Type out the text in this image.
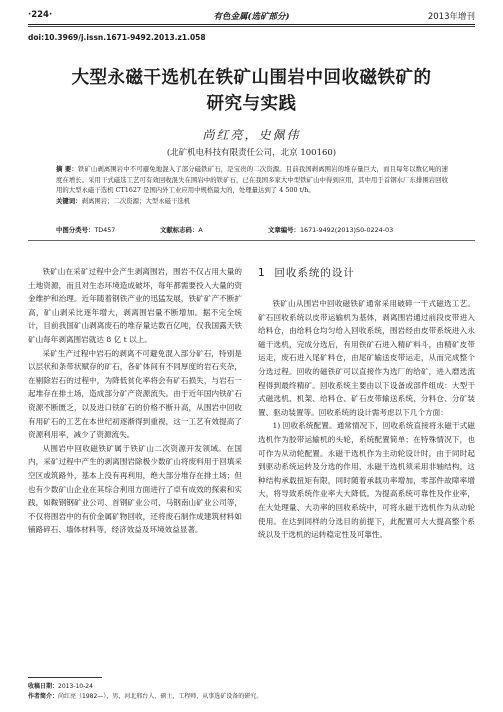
·224·	有色金属(选矿部分)	2013年增刊
doi:10.3969/j.issn.1671-9492.2013.z1.058
大型永磁干选机在铁矿山围岩中回收磁铁矿的
研究与实践
尚红亮，史佩伟
(北矿机电科技有限责任公司，北京 100160)
摘 要：铁矿山剥离围岩中不可避免地混入了部分磁铁矿石，是宝贵的二次资源。目前我国剥离围岩的堆存量巨大，而且每年以数亿吨的速度在增长。采用干式磁选工艺可有效回收混失在围岩中的铁矿石，已在我国多家大中型铁矿山中得到应用，其中用于首钢水厂东排围岩回收用的大型永磁干选机 CT1627 是国内外工业应用中规格最大的，处理量达到了 4 500 t/h。
关键词：剥离围岩；二次资源；大型永磁干选机
中图分类号：TD457	文献标志码：A	文章编号：1671-9492(2013)S0-0224-03

铁矿山在采矿过程中会产生剥离围岩，围岩不仅占用大量的土地资源，而且对生态环境造成破坏，每年都需要投入大量的资金维护和治理。近年随着钢铁产业的迅猛发展，铁矿矿产不断扩高，矿山剥采比逐年增大，剥离围岩量不断增加。据不完全统计，目前我国矿山剥离废石的堆存量达数百亿吨，仅我国露天铁矿山每年剥离围岩就达 8 亿 t 以上。

采矿生产过程中岩石的剥离不可避免混入部分矿石，特别是以层状和条带状赋存的矿石，各矿体间有不同厚度的岩石夹杂，在剔除岩石的过程中，为降低贫化率将会有矿石损失，与岩石一起堆存在排土场，造成部分矿产资源流失。由于近年国内铁矿石资源不断匮乏，以及进口铁矿石的价格不断升高，从围岩中回收有用矿石的工艺在本世纪初逐渐得到重视，这一工艺有效提高了资源利用率，减少了资源流失。

从围岩中回收磁铁矿属于铁矿山二次资源开发领域。在国内，采矿过程中产生的剥离围岩除极少数矿山将废料用于回填采空区或筑路外，基本上没有再利用，绝大部分堆存在排土场；但也有少数矿山企业在其综合利用方面进行了卓有成效的探索和实践，如鞍钢钢矿业公司、首钢矿业公司、马钢南山矿业公司等，不仅将围岩中的有价金属矿物回收，还将废石制作成建筑材料如铺路碎石、墙体材料等，经济效益及环境效益显著。

1 回收系统的设计

铁矿山从围岩中回收磁铁矿通常采用破碎一干式磁选工艺。矿石回收系统以皮带运输机为基体，剥离围岩通过前段皮带进入给料仓，由给料仓均匀给入回收系统，围岩经由皮带系统进入永磁干选机，完成分选后，有用铁矿石进入精矿料斗，由精矿皮带运走，废石进入尾矿料仓，由尾矿输送皮带运走，从而完成整个分选过程。回收的磁铁矿可以直接作为选厂的给矿，进入磨选流程得到最终精矿。回收系统主要由以下设备或部件组成：大型干式磁选机、机架、给料仓、矿石皮带输送系统、分料仓、分矿装置、驱动装置等。回收系统的设计需考虑以下几个方面：

1) 回收系统配置。通常情况下，回收系统直接将永磁干式磁选机作为胶带运输机的头轮，系统配置简单；在特殊情况下，也可作为从动轮配置。永磁干选机作为主动轮设计时，由于同时起到驱动系统运转及分选的作用，永磁干选机须采用非轴结构，这种结构承载扭矩有限，同时随着承载功率增加，零部件故障率增大，将导致系统作业率大大降低。为提高系统可靠性及作业率，在大处理量、大功率的回收系统中，可将永磁干选机作为从动轮使用。在达到同样的分选目的前提下，此配置可大大提高整个系统以及干选机的运转稳定性及可靠性。

收稿日期：2013-10-24
作者简介：尚红亮（1982—），男，河北邢台人，硕士，工程师，从事选矿设备的研究。
